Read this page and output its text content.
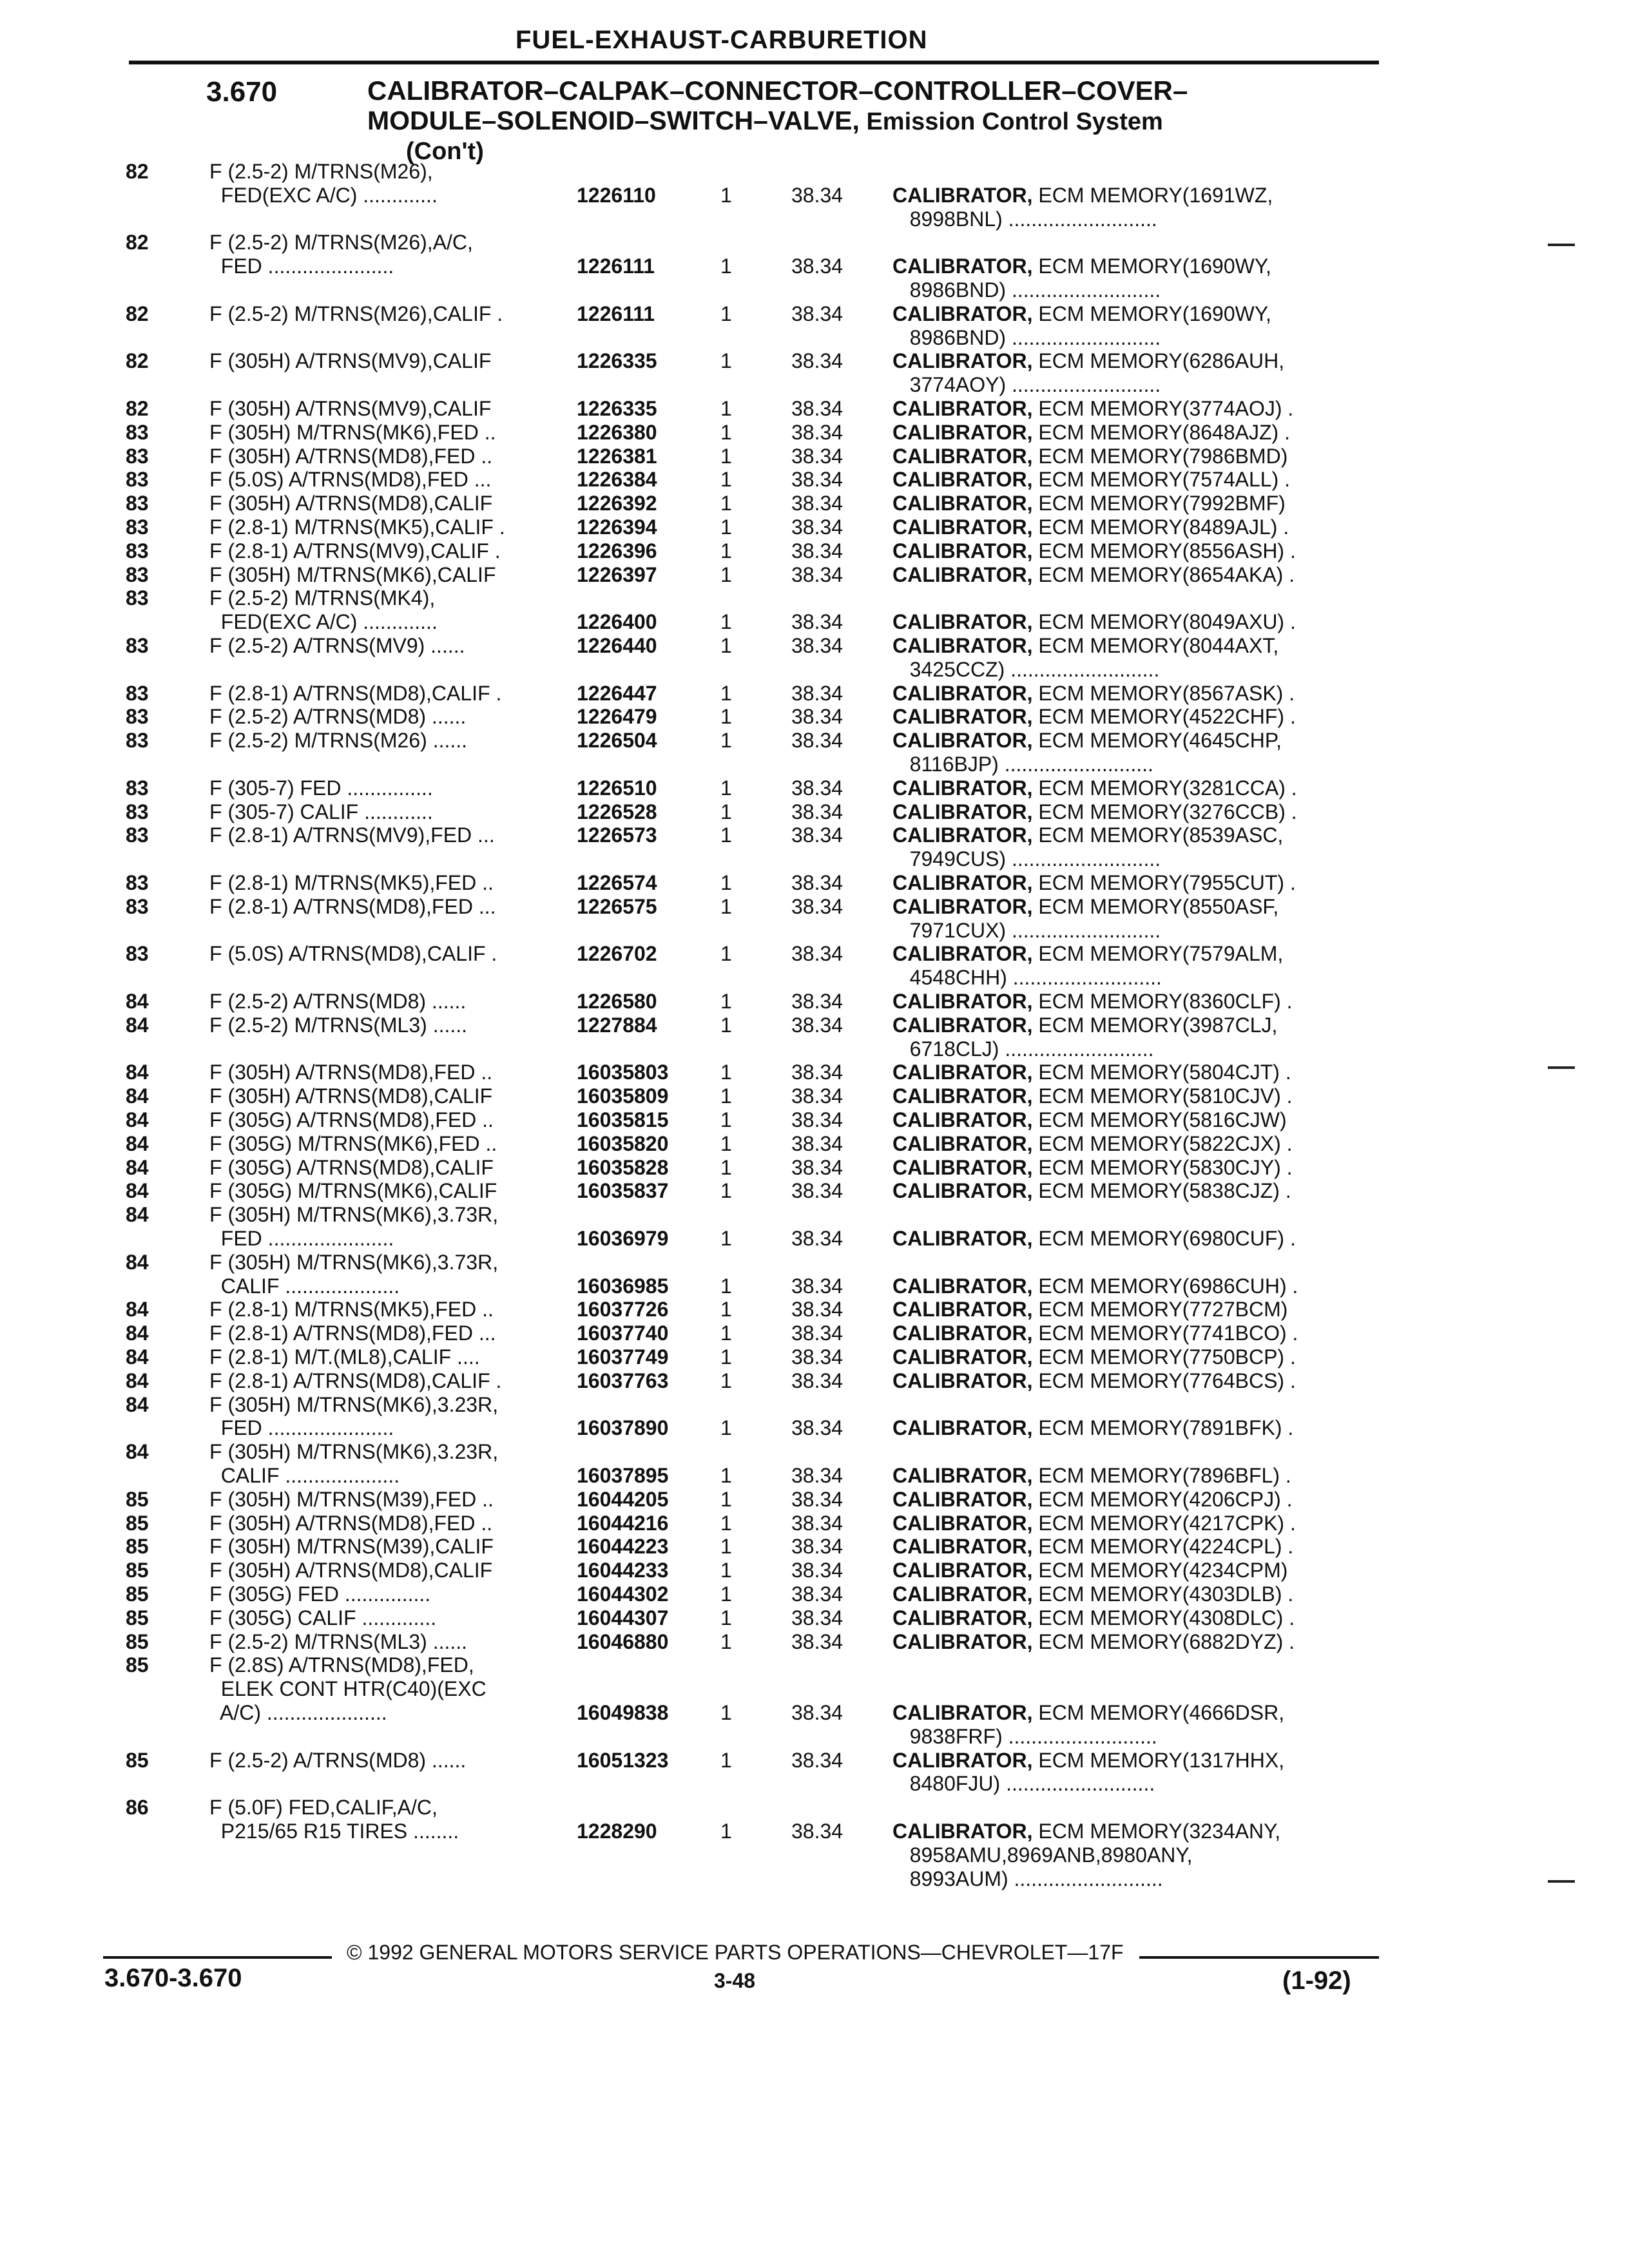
FUEL-EXHAUST-CARBURETION
3.670	CALIBRATOR–CALPAK–CONNECTOR–CONTROLLER–COVER–
MODULE–SOLENOID–SWITCH–VALVE, Emission Control System
(Con't)
82	F (2.5-2) M/TRNS(M26),
FED(EXC A/C) .............	1226110	1	38.34	CALIBRATOR, ECM MEMORY(1691WZ,
8998BNL) ..........................
82	F (2.5-2) M/TRNS(M26),A/C,
FED ......................	1226111	1	38.34	CALIBRATOR, ECM MEMORY(1690WY,
8986BND) ..........................
82	F (2.5-2) M/TRNS(M26),CALIF .	1226111	1	38.34	CALIBRATOR, ECM MEMORY(1690WY,
8986BND) ..........................
82	F (305H) A/TRNS(MV9),CALIF	1226335	1	38.34	CALIBRATOR, ECM MEMORY(6286AUH,
3774AOY) ..........................
82	F (305H) A/TRNS(MV9),CALIF	1226335	1	38.34	CALIBRATOR, ECM MEMORY(3774AOJ) .
83	F (305H) M/TRNS(MK6),FED ..	1226380	1	38.34	CALIBRATOR, ECM MEMORY(8648AJZ) .
83	F (305H) A/TRNS(MD8),FED ..	1226381	1	38.34	CALIBRATOR, ECM MEMORY(7986BMD)
83	F (5.0S) A/TRNS(MD8),FED ...	1226384	1	38.34	CALIBRATOR, ECM MEMORY(7574ALL) .
83	F (305H) A/TRNS(MD8),CALIF	1226392	1	38.34	CALIBRATOR, ECM MEMORY(7992BMF)
83	F (2.8-1) M/TRNS(MK5),CALIF .	1226394	1	38.34	CALIBRATOR, ECM MEMORY(8489AJL) .
83	F (2.8-1) A/TRNS(MV9),CALIF .	1226396	1	38.34	CALIBRATOR, ECM MEMORY(8556ASH) .
83	F (305H) M/TRNS(MK6),CALIF	1226397	1	38.34	CALIBRATOR, ECM MEMORY(8654AKA) .
83	F (2.5-2) M/TRNS(MK4),
FED(EXC A/C) .............	1226400	1	38.34	CALIBRATOR, ECM MEMORY(8049AXU) .
83	F (2.5-2) A/TRNS(MV9) ......	1226440	1	38.34	CALIBRATOR, ECM MEMORY(8044AXT,
3425CCZ) ..........................
83	F (2.8-1) A/TRNS(MD8),CALIF .	1226447	1	38.34	CALIBRATOR, ECM MEMORY(8567ASK) .
83	F (2.5-2) A/TRNS(MD8) ......	1226479	1	38.34	CALIBRATOR, ECM MEMORY(4522CHF) .
83	F (2.5-2) M/TRNS(M26) ......	1226504	1	38.34	CALIBRATOR, ECM MEMORY(4645CHP,
8116BJP) ..........................
83	F (305-7) FED ...............	1226510	1	38.34	CALIBRATOR, ECM MEMORY(3281CCA) .
83	F (305-7) CALIF ............	1226528	1	38.34	CALIBRATOR, ECM MEMORY(3276CCB) .
83	F (2.8-1) A/TRNS(MV9),FED ...	1226573	1	38.34	CALIBRATOR, ECM MEMORY(8539ASC,
7949CUS) ..........................
83	F (2.8-1) M/TRNS(MK5),FED ..	1226574	1	38.34	CALIBRATOR, ECM MEMORY(7955CUT) .
83	F (2.8-1) A/TRNS(MD8),FED ...	1226575	1	38.34	CALIBRATOR, ECM MEMORY(8550ASF,
7971CUX) ..........................
83	F (5.0S) A/TRNS(MD8),CALIF .	1226702	1	38.34	CALIBRATOR, ECM MEMORY(7579ALM,
4548CHH) ..........................
84	F (2.5-2) A/TRNS(MD8) ......	1226580	1	38.34	CALIBRATOR, ECM MEMORY(8360CLF) .
84	F (2.5-2) M/TRNS(ML3) ......	1227884	1	38.34	CALIBRATOR, ECM MEMORY(3987CLJ,
6718CLJ) ..........................
84	F (305H) A/TRNS(MD8),FED ..	16035803	1	38.34	CALIBRATOR, ECM MEMORY(5804CJT) .
84	F (305H) A/TRNS(MD8),CALIF	16035809	1	38.34	CALIBRATOR, ECM MEMORY(5810CJV) .
84	F (305G) A/TRNS(MD8),FED ..	16035815	1	38.34	CALIBRATOR, ECM MEMORY(5816CJW)
84	F (305G) M/TRNS(MK6),FED ..	16035820	1	38.34	CALIBRATOR, ECM MEMORY(5822CJX) .
84	F (305G) A/TRNS(MD8),CALIF	16035828	1	38.34	CALIBRATOR, ECM MEMORY(5830CJY) .
84	F (305G) M/TRNS(MK6),CALIF	16035837	1	38.34	CALIBRATOR, ECM MEMORY(5838CJZ) .
84	F (305H) M/TRNS(MK6),3.73R,
FED ......................	16036979	1	38.34	CALIBRATOR, ECM MEMORY(6980CUF) .
84	F (305H) M/TRNS(MK6),3.73R,
CALIF ....................	16036985	1	38.34	CALIBRATOR, ECM MEMORY(6986CUH) .
84	F (2.8-1) M/TRNS(MK5),FED ..	16037726	1	38.34	CALIBRATOR, ECM MEMORY(7727BCM)
84	F (2.8-1) A/TRNS(MD8),FED ...	16037740	1	38.34	CALIBRATOR, ECM MEMORY(7741BCO) .
84	F (2.8-1) M/T.(ML8),CALIF ....	16037749	1	38.34	CALIBRATOR, ECM MEMORY(7750BCP) .
84	F (2.8-1) A/TRNS(MD8),CALIF .	16037763	1	38.34	CALIBRATOR, ECM MEMORY(7764BCS) .
84	F (305H) M/TRNS(MK6),3.23R,
FED ......................	16037890	1	38.34	CALIBRATOR, ECM MEMORY(7891BFK) .
84	F (305H) M/TRNS(MK6),3.23R,
CALIF ....................	16037895	1	38.34	CALIBRATOR, ECM MEMORY(7896BFL) .
85	F (305H) M/TRNS(M39),FED ..	16044205	1	38.34	CALIBRATOR, ECM MEMORY(4206CPJ) .
85	F (305H) A/TRNS(MD8),FED ..	16044216	1	38.34	CALIBRATOR, ECM MEMORY(4217CPK) .
85	F (305H) M/TRNS(M39),CALIF	16044223	1	38.34	CALIBRATOR, ECM MEMORY(4224CPL) .
85	F (305H) A/TRNS(MD8),CALIF	16044233	1	38.34	CALIBRATOR, ECM MEMORY(4234CPM)
85	F (305G) FED ...............	16044302	1	38.34	CALIBRATOR, ECM MEMORY(4303DLB) .
85	F (305G) CALIF .............	16044307	1	38.34	CALIBRATOR, ECM MEMORY(4308DLC) .
85	F (2.5-2) M/TRNS(ML3) ......	16046880	1	38.34	CALIBRATOR, ECM MEMORY(6882DYZ) .
85	F (2.8S) A/TRNS(MD8),FED,
ELEK CONT HTR(C40)(EXC
A/C) .....................	16049838	1	38.34	CALIBRATOR, ECM MEMORY(4666DSR,
9838FRF) ..........................
85	F (2.5-2) A/TRNS(MD8) ......	16051323	1	38.34	CALIBRATOR, ECM MEMORY(1317HHX,
8480FJU) ..........................
86	F (5.0F) FED,CALIF,A/C,
P215/65 R15 TIRES ........	1228290	1	38.34	CALIBRATOR, ECM MEMORY(3234ANY,
8958AMU,8969ANB,8980ANY,
8993AUM) ..........................
© 1992 GENERAL MOTORS SERVICE PARTS OPERATIONS—CHEVROLET—17F
3.670-3.670	3-48	(1-92)
